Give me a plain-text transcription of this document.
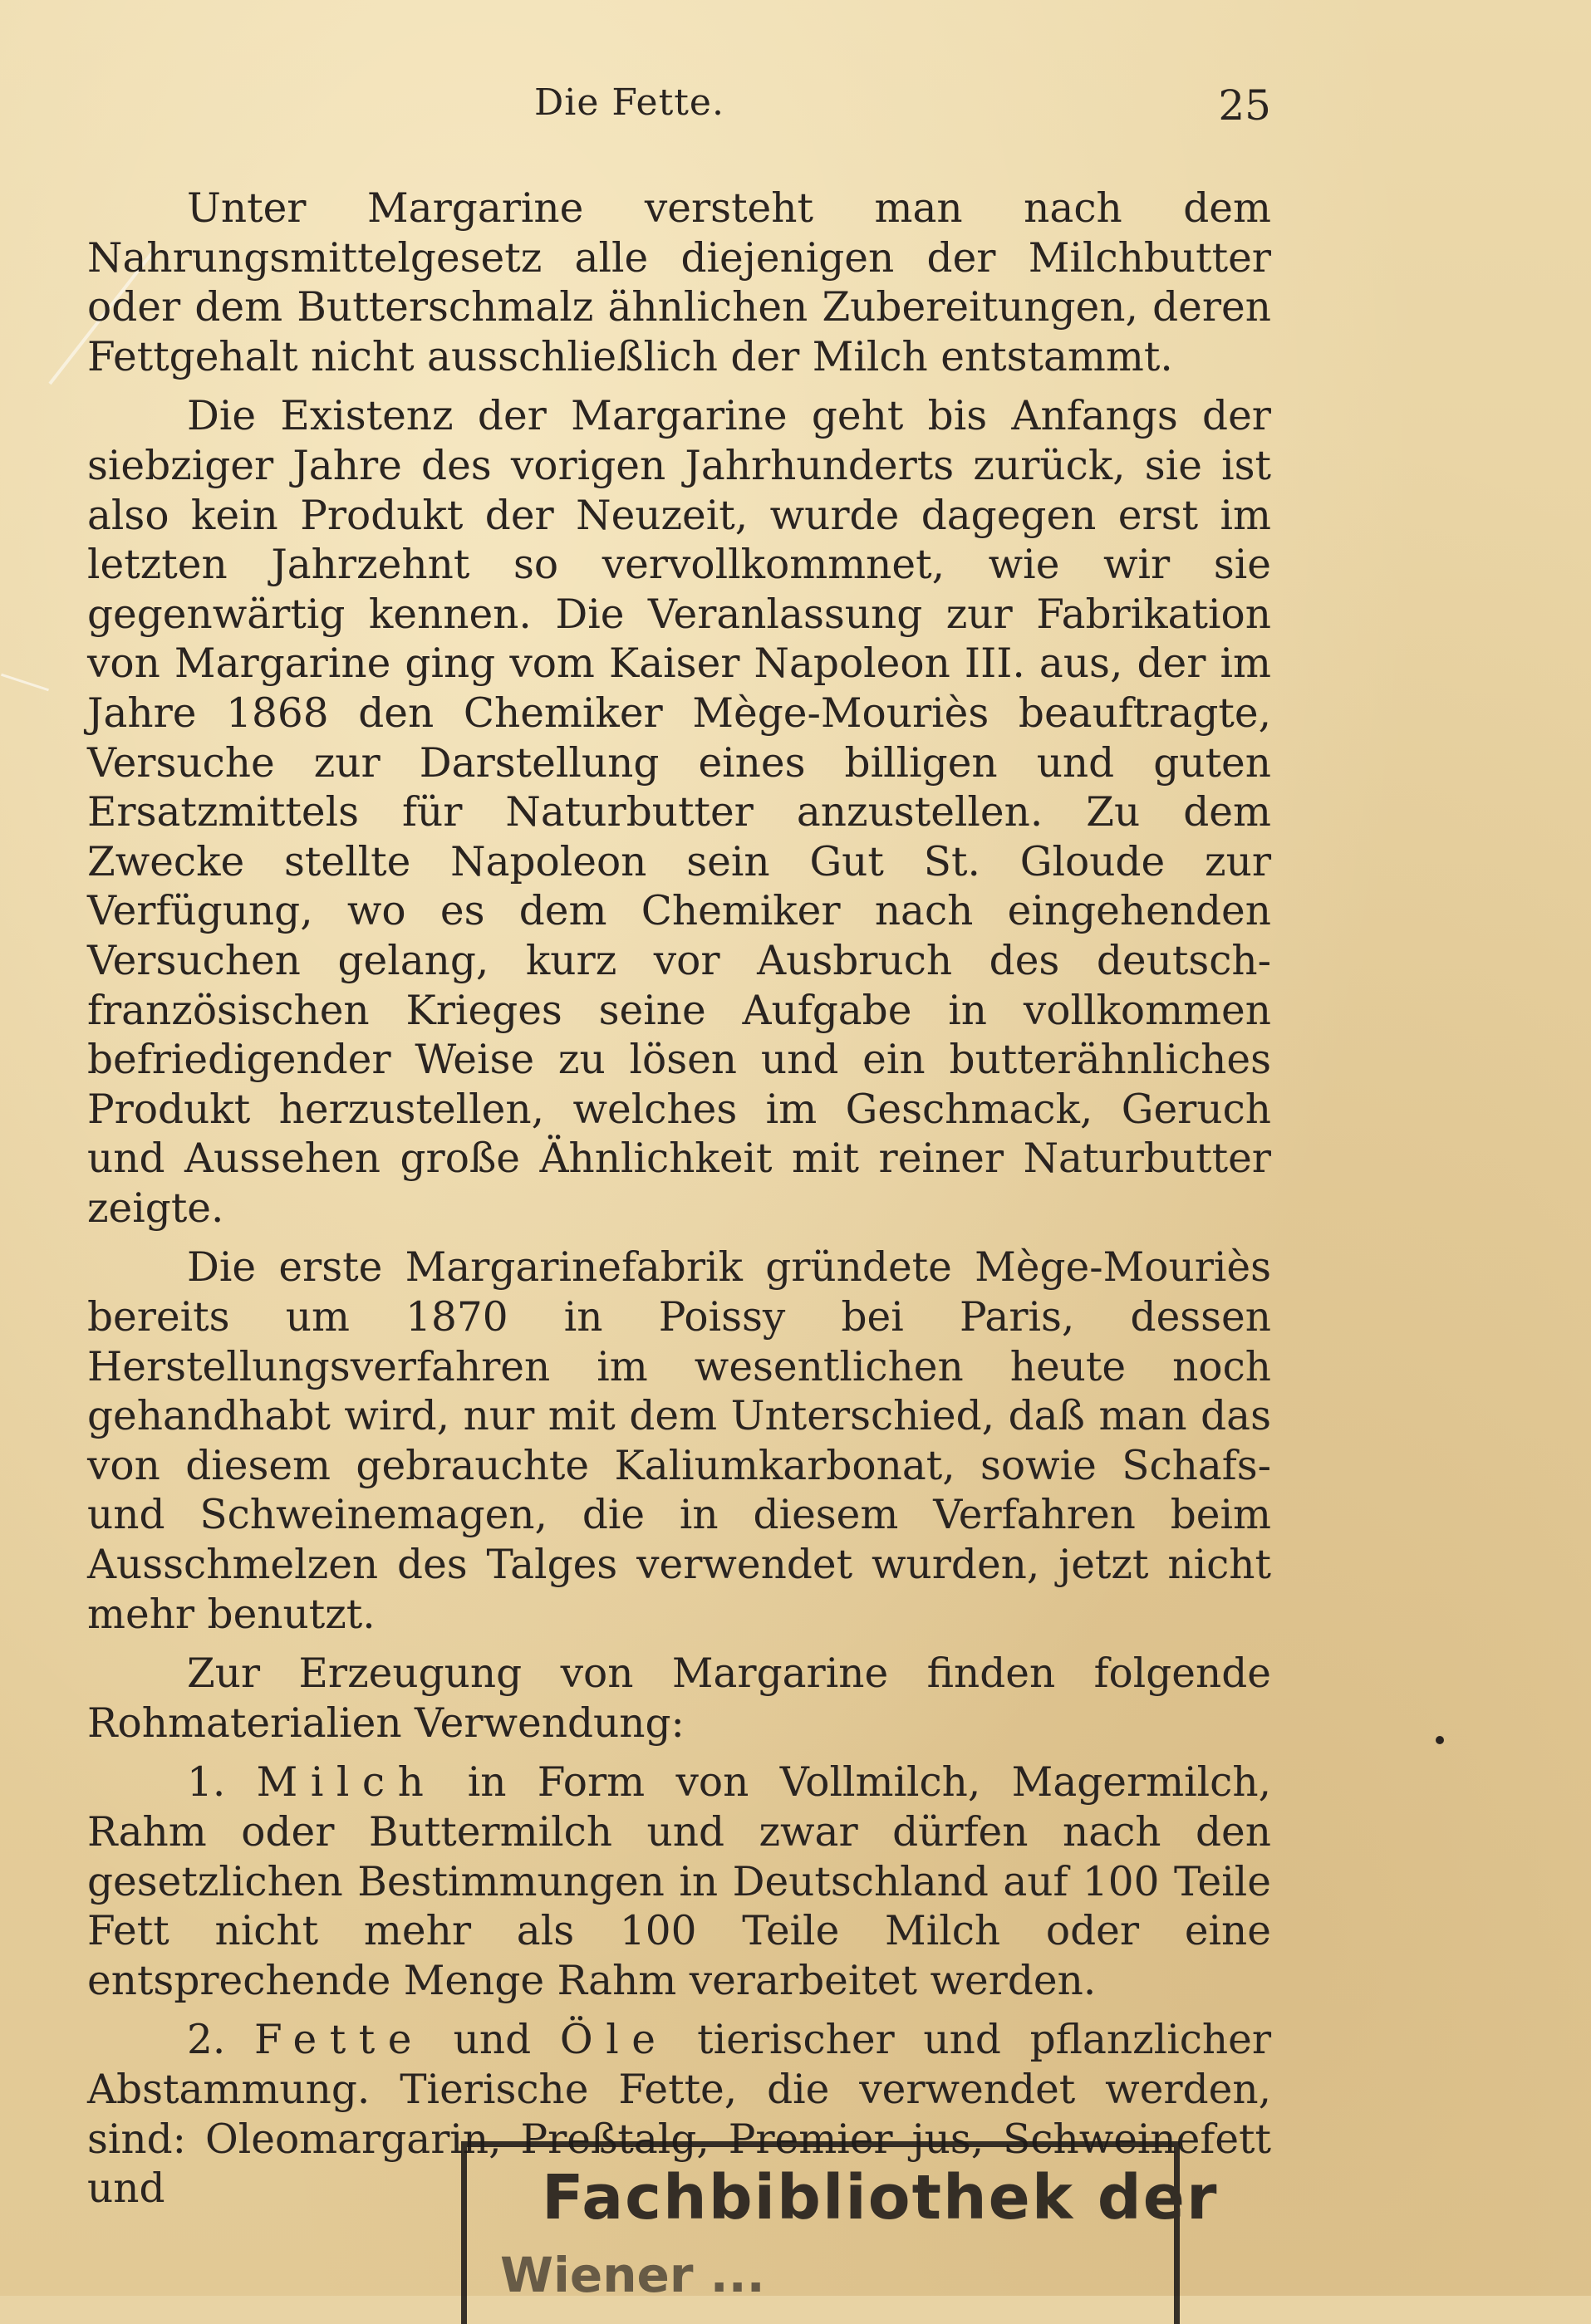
Die Fette.	25

Unter Margarine versteht man nach dem Nahrungsmittelgesetz alle diejenigen der Milchbutter oder dem Butterschmalz ähnlichen Zubereitungen, deren Fettgehalt nicht ausschließlich der Milch entstammt.

Die Existenz der Margarine geht bis Anfangs der siebziger Jahre des vorigen Jahrhunderts zurück, sie ist also kein Produkt der Neuzeit, wurde dagegen erst im letzten Jahrzehnt so vervollkommnet, wie wir sie gegenwärtig kennen. Die Veranlassung zur Fabrikation von Margarine ging vom Kaiser Napoleon III. aus, der im Jahre 1868 den Chemiker Mège-Mouriès beauftragte, Versuche zur Darstellung eines billigen und guten Ersatzmittels für Naturbutter anzustellen. Zu dem Zwecke stellte Napoleon sein Gut St. Gloude zur Verfügung, wo es dem Chemiker nach eingehenden Versuchen gelang, kurz vor Ausbruch des deutsch-französischen Krieges seine Aufgabe in vollkommen befriedigender Weise zu lösen und ein butterähnliches Produkt herzustellen, welches im Geschmack, Geruch und Aussehen große Ähnlichkeit mit reiner Naturbutter zeigte.

Die erste Margarinefabrik gründete Mège-Mouriès bereits um 1870 in Poissy bei Paris, dessen Herstellungsverfahren im wesentlichen heute noch gehandhabt wird, nur mit dem Unterschied, daß man das von diesem gebrauchte Kaliumkarbonat, sowie Schafs- und Schweinemagen, die in diesem Verfahren beim Ausschmelzen des Talges verwendet wurden, jetzt nicht mehr benutzt.

Zur Erzeugung von Margarine finden folgende Rohmaterialien Verwendung:

1. Milch in Form von Vollmilch, Magermilch, Rahm oder Buttermilch und zwar dürfen nach den gesetzlichen Bestimmungen in Deutschland auf 100 Teile Fett nicht mehr als 100 Teile Milch oder eine entsprechende Menge Rahm verarbeitet werden.

2. Fette und Öle tierischer und pflanzlicher Abstammung. Tierische Fette, die verwendet werden, sind: Oleomargarin, Preßtalg, Premier jus, Schweinefett und	Fachbibliothek der
Wiener ...
